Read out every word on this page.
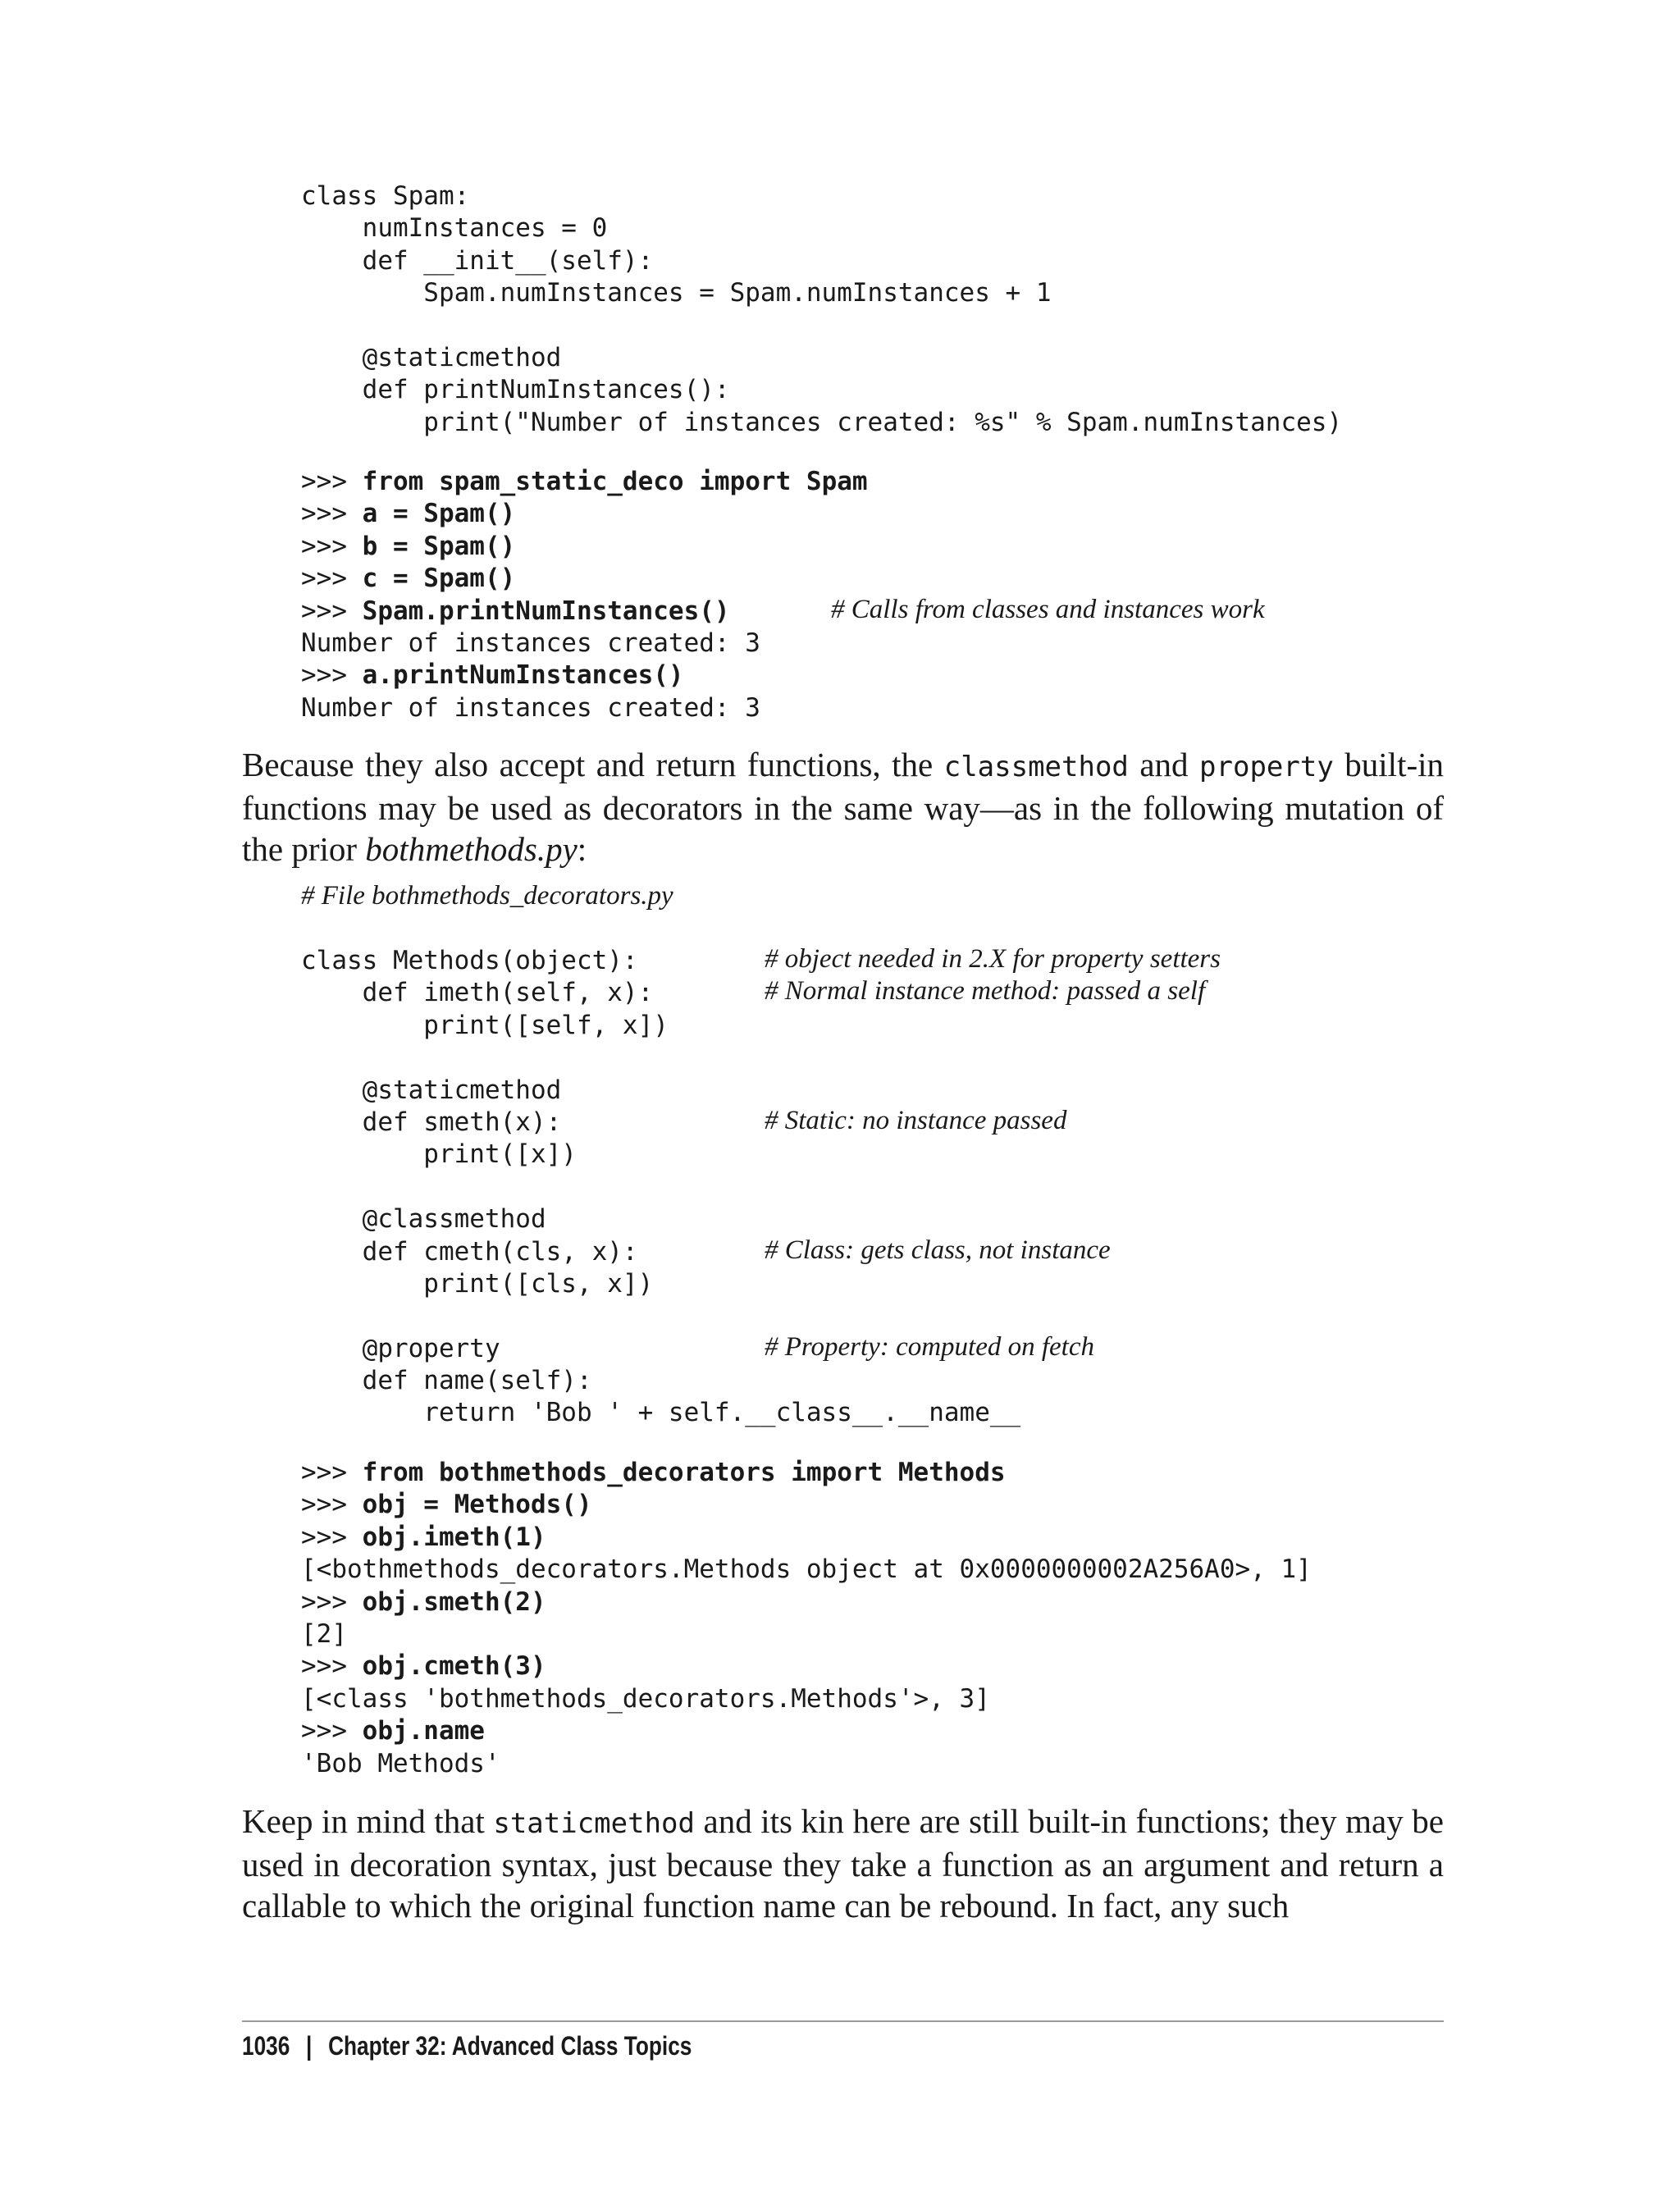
class Spam:
numInstances = 0
def __init__(self):
Spam.numInstances = Spam.numInstances + 1
@staticmethod
def printNumInstances():
print("Number of instances created: %s" % Spam.numInstances)
>>> from spam_static_deco import Spam
>>> a = Spam()
>>> b = Spam()
>>> c = Spam()
>>> Spam.printNumInstances()	# Calls from classes and instances work
Number of instances created: 3
>>> a.printNumInstances()
Number of instances created: 3

Because they also accept and return functions, the classmethod and property built-in functions may be used as decorators in the same way—as in the following mutation of the prior bothmethods.py:

# File bothmethods_decorators.py
class Methods(object):	# object needed in 2.X for property setters
def imeth(self, x):	# Normal instance method: passed a self
print([self, x])
@staticmethod
def smeth(x):	# Static: no instance passed
print([x])
@classmethod
def cmeth(cls, x):	# Class: gets class, not instance
print([cls, x])
@property	# Property: computed on fetch
def name(self):
return 'Bob ' + self.__class__.__name__
>>> from bothmethods_decorators import Methods
>>> obj = Methods()
>>> obj.imeth(1)
[<bothmethods_decorators.Methods object at 0x0000000002A256A0>, 1]
>>> obj.smeth(2)
[2]
>>> obj.cmeth(3)
[<class 'bothmethods_decorators.Methods'>, 3]
>>> obj.name
'Bob Methods'

Keep in mind that staticmethod and its kin here are still built-in functions; they may be used in decoration syntax, just because they take a function as an argument and return a callable to which the original function name can be rebound. In fact, any such

1036 | Chapter 32: Advanced Class Topics
